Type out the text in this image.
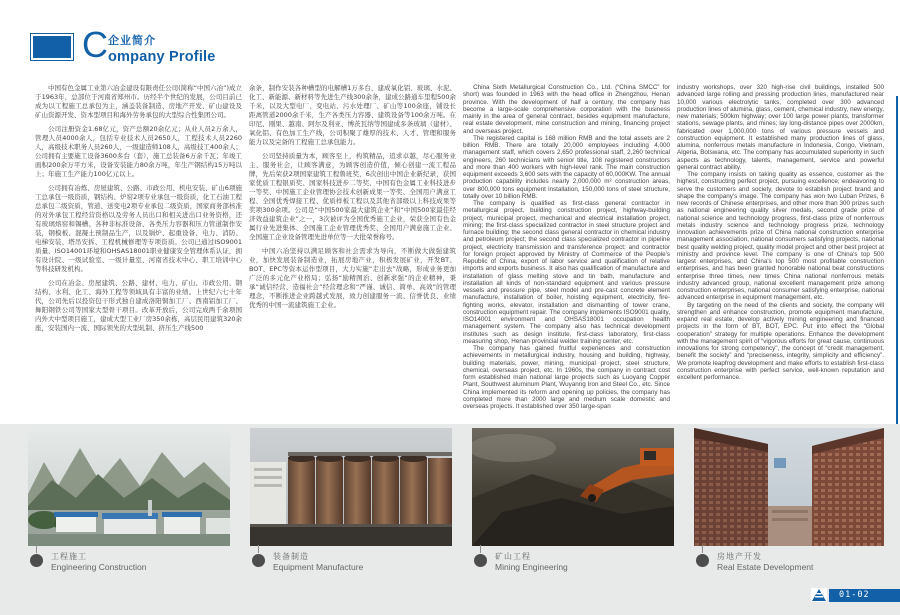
C 企业简介
ompany Profile

中国有色金属工业第六冶金建设有限责任公司(简称“中国六冶”)成立于1963年，总部位于河南省郑州市。历经半个世纪的发展，公司目前已成为以工程施工总承包为主，涵盖装备制造、房地产开发、矿山建设及矿山资源开发、资本型项目和海外劳务承包的大型综合性集团公司。

公司注册资金1.68亿元，资产总额20余亿元；从业人员2万余人，管理人员4000余人，包括专业技术人员2650人，工程技术人员2260人，高级技术职务人员260人，一级建造师108人，高级技工400余人；公司拥有主要施工设备3600多台（套），施工总装备6万余千瓦；年竣工面积200余万平方米，设备安装能力80余万吨，年生产钢结构15万吨以上；年施工生产能力100亿元以上。

公司拥有冶炼、房屋建筑、公路、市政公用、机电安装、矿山6项施工总承包一级资质，钢结构、炉窑2项专业承包一级资质，化工石油工程总承包二级资质，管道、送变电2项专业承包二级资质，国家商务部核准的对外承包工程经营资格以及劳务人员出口和相关进出口业务资格，还有玻璃熔窑和锡槽、各种非标准设备、各类压力容器和压力管道制作安装，钢模板、混凝土预制品生产，以及锅炉、起重设备、电力、消防、电梯安装、塔吊安拆、工程机械修理等专项资质。公司已通过ISO9001质量、ISO14001环境和OHSAS18001职业健康安全管理体系认证，拥有设计院、一级试验室、一级计量室、河南省技术中心、职工培训中心等科技研发机构。

公司在冶金、房屋建筑、公路、建材、电力、矿山、市政公用、钢结构、水利、化工、海外工程等领域具有丰富的业绩。上世纪六七十年代，公司先后以投资包干形式独自建成洛阳铜加工厂、西南铝加工厂、舞阳钢铁公司等国家大型骨干项目。改革开放后，公司完成两千余项国内外大中型项目施工，建成大型工业厂房350余栋，高层民用建筑320余座，安装国内一流、国际领先的大型轧制、挤压生产线500

余条，制作安装各种槽型的电解槽1万多台，建成氧化铝、玻璃、水泥、化工、新能源、新材料等先进生产线300余条，建成公路通车里程500余千米，以及大型电厂、变电站、污水处理厂、矿山等100余座，铺设长距离管道2000余千米，生产各类压力容器、建筑设备等100余万吨。在印尼、刚果、越南、阿尔及利亚、博茨瓦纳等国建成多条玻璃（建材）、氧化铝、有色加工生产线，公司积聚了雄厚的技术、人才、管理和服务能力以及完备的工程施工总承包能力。

公司坚持质量为本，顾客至上，构筑精品，追求卓越，尽心服务业主、服务社会，让顾客满意，为顾客创造价值，倾心创建一流工程品牌，先后荣获2项国家建筑工程鲁班奖，6次创出中国企业新纪录，获国家优质工程银质奖、国家科技进步二等奖、中国有色金属工业科技进步一等奖、中国施工企业管理协会技术创新成果一等奖、全国用户满意工程、全国优秀焊接工程、优质样板工程以及其他省部级以上科技成果等奖项300余项。公司是“中国500家最大建筑企业”和“中国500家最佳经济效益建筑企业”之一，3次被评为全国优秀施工企业，荣获全国有色金属行业先进集体、全国施工企业管理优秀奖、全国用户满意施工企业、全国施工企业设备管理先进单位等一大批荣誉称号。

中国六冶坚持以满足顾客和社会需求为导向，不断做大做强建筑业，加快发展装备制造业，拓展房地产业，积极发展矿业，开发BT、BOT、EPC等资本运作型项目，大力实施“走出去”战略，形成业务更加广泛的多元化产业格局；弘扬“励精图治、创新求强”的企业精神，秉承“诚信经营、造福社会”经营理念和“严谨、诚信、简单、高效”的管理理念，不断推进企业跨越式发展，致力创建服务一流、信誉优良、业绩优秀的中国一流建筑施工企业。

China Sixth Metallurgical Construction Co., Ltd. (“China SMCC” for short) was founded in 1963 with the head office in Zhengzhou, Henan province. With the development of half a century, the company has become a large-scale comprehensive corporation with the business mainly in the area of general contract, besides equipment manufacture, real estate development, mine construction and mining, financing project and overseas project.

The registered capital is 168 million RMB and the total assets are 2 billion RMB. There are totally 20,000 employees including 4,000 management staff, which covers 2,650 professional staff, 2,260 technical engineers, 260 technicians with senior title, 108 registered constructors and more than 400 workers with high-level rank. The main construction equipment exceeds 3,600 sets with the capacity of 60,000KW. The annual production capability includes nearly 2,000,000 m² construction areas, over 800,000 tons equipment installation, 150,000 tons of steel structure, totally over 10 billion RMB.

The company is qualified as first-class general contractor in metallurgical project, building construction project, highway-building project, municipal project, mechanical and electrical installation project, mining; the first-class specialized contractor in steel structure project and furnace building; the second class general contractor in chemical industry and petroleum project; the second class specialized contractor in pipeline project, electricity transmission and transference project; and contractor for foreign project approved by Ministry of Commerce of the People's Republic of China, export of labor service and qualification of relative imports and exports business. It also has qualification of manufacture and installation of glass melting stove and tin bath, manufacture and installation all kinds of non-standard equipment and various pressure vessels and pressure pipe, steel model and pre-cast concrete element manufacture, installation of boiler, hoisting equipment, electricity, fire-fighting works, elevator, installation and dismantling of tower crane, construction equipment repair. The company implements ISO9001 quality, ISO14001 environment and OHSAS18001 occupation health management system. The company also has technical development institutes such as design institute, first-class laboratory, first-class measuring shop, Henan provincial welder training center, etc.

The company has gained fruitful experiences and construction achievements in metallurgical industry, housing and building, highway, building materials, power, mining, municipal project, steel structure, chemical, overseas project, etc. In 1960s, the company in contract cost form established main national large projects such as Luoyang Copper Plant, Southwest aluminum Plant, Wuyanng Iron and Steel Co., etc. Since China implemented its reform and opening up policies, the company has completed more than 2000 large and medium scale domestic and overseas projects. It established over 350 large-span

industry workshops, over 320 high-rise civil buildings, installed 500 advanced large rolling and pressing production lines, manufactured near 10,000 various electrolytic tanks, completed over 300 advanced production lines of alumina, glass, cement, chemical industry, new energy, new materials; 500km highway; over 100 large power plants, transformer stations, sewage plants, and mines; lay long-distance pipes over 2000km, fabricated over 1,000,000 tons of various pressure vessels and construction equipment. It established many production lines of glass, alumina, nonferrous metals manufacture in Indonesia, Congo, Vietnam, Algeria, Botswana, etc. The company has accumulated superiority in such aspects as technology, talents, management, service and powerful general contract ability.

The company insists on taking quality as essence, customer as the highest, constructing perfect project, pursuing excellence; endeavoring to serve the customers and society, devote to establish project brand and shape the company's image. The company has won two Luban Prizes, 6 new records of Chinese enterprises, and other more than 300 prizes such as national engineering quality silver medals, second grade prize of national science and technology progress, first-class prize of nonferrous metals industry science and technology progress prize, technology innovation achievements prize of China national construction enterprise management association, national consumers satisfying projects, national best quality welding project, quality model project and other best project at ministry and province level. The company is one of China's top 500 largest enterprises, and China's top 500 most profitable construction enterprises, and has been granted honorable national beat constructions enterprise three times, new times China national nonferrous metals industry advanced group, national excellent management prize among construction enterprises, national consumer satisfying enterprise, national advanced enterprise in equipment management, etc.

By targeting on the need of the clients and society, the company will strengthen and enhance construction, promote equipment manufacture, expand real estate, develop actively mining engineering and financed projects in the form of BT, BOT, EPC. Put into effect the “Global cooperation” strategy for multiple operations. Enhance the development with the management spirit of “vigorous efforts for great cause, continuous innovations for strong competency”, the concept of “credit management, benefit the society” and “preciseness, integrity, simplicity and efficiency”. We promote leapfrog development and make efforts to establish first-class construction enterprise with perfect service, well-known reputation and excellent performance.

工程施工
Engineering Construction
装备制造
Equipment Manufacture
矿山工程
Mining Engineering
房地产开发
Real Estate Development
01-02
